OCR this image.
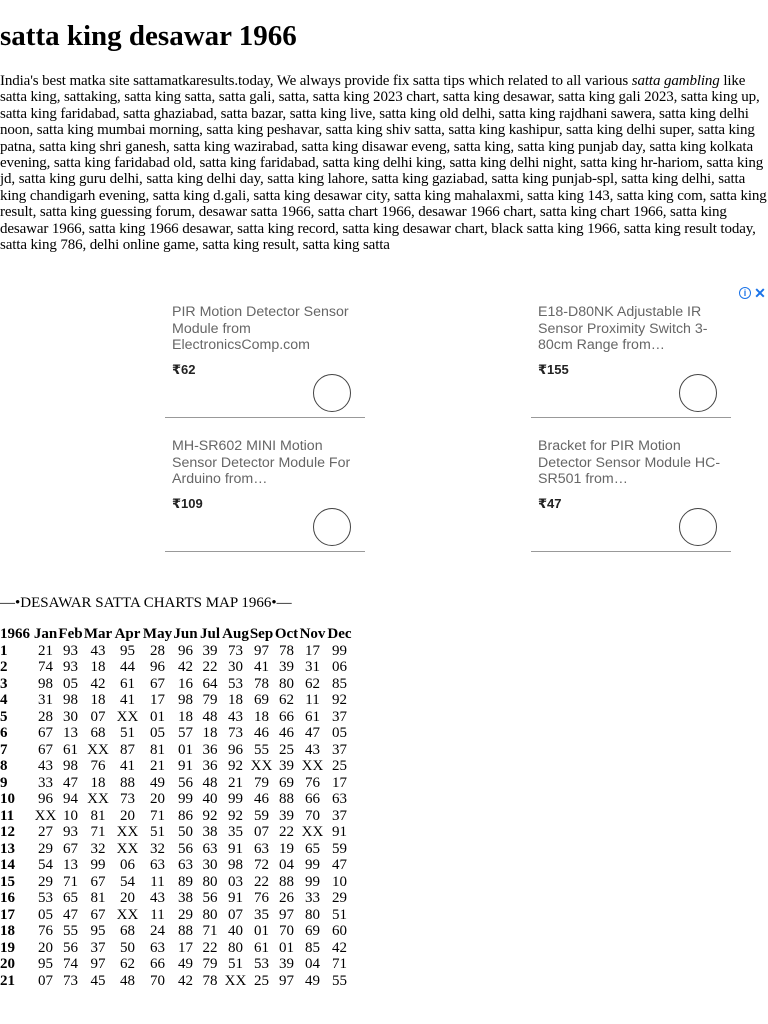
satta king desawar 1966

India's best matka site sattamatkaresults.today, We always provide fix satta tips which related to all various satta gambling like satta king, sattaking, satta king satta, satta gali, satta, satta king 2023 chart, satta king desawar, satta king gali 2023, satta king up, satta king faridabad, satta ghaziabad, satta bazar, satta king live, satta king old delhi, satta king rajdhani sawera, satta king delhi noon, satta king mumbai morning, satta king peshavar, satta king shiv satta, satta king kashipur, satta king delhi super, satta king patna, satta king shri ganesh, satta king wazirabad, satta king disawar eveng, satta king, satta king punjab day, satta king kolkata evening, satta king faridabad old, satta king faridabad, satta king delhi king, satta king delhi night, satta king hr-hariom, satta king jd, satta king guru delhi, satta king delhi day, satta king lahore, satta king gaziabad, satta king punjab-spl, satta king delhi, satta king chandigarh evening, satta king d.gali, satta king desawar city, satta king mahalaxmi, satta king 143, satta king com, satta king result, satta king guessing forum, desawar satta 1966, satta chart 1966, desawar 1966 chart, satta king chart 1966, satta king desawar 1966, satta king 1966 desawar, satta king record, satta king desawar chart, black satta king 1966, satta king result today, satta king 786, delhi online game, satta king result, satta king satta

i ✕
PIR Motion Detector Sensor Module from ElectronicsComp.com
₹62
E18-D80NK Adjustable IR Sensor Proximity Switch 3-80cm Range from…
₹155
MH-SR602 MINI Motion Sensor Detector Module For Arduino from…
₹109
Bracket for PIR Motion Detector Sensor Module HC-SR501 from…
₹47
—•DESAWAR SATTA CHARTS MAP 1966•—
1966	Jan	Feb	Mar	Apr	May	Jun	Jul	Aug	Sep	Oct	Nov	Dec
1	21	93	43	95	28	96	39	73	97	78	17	99
2	74	93	18	44	96	42	22	30	41	39	31	06
3	98	05	42	61	67	16	64	53	78	80	62	85
4	31	98	18	41	17	98	79	18	69	62	11	92
5	28	30	07	XX	01	18	48	43	18	66	61	37
6	67	13	68	51	05	57	18	73	46	46	47	05
7	67	61	XX	87	81	01	36	96	55	25	43	37
8	43	98	76	41	21	91	36	92	XX	39	XX	25
9	33	47	18	88	49	56	48	21	79	69	76	17
10	96	94	XX	73	20	99	40	99	46	88	66	63
11	XX	10	81	20	71	86	92	92	59	39	70	37
12	27	93	71	XX	51	50	38	35	07	22	XX	91
13	29	67	32	XX	32	56	63	91	63	19	65	59
14	54	13	99	06	63	63	30	98	72	04	99	47
15	29	71	67	54	11	89	80	03	22	88	99	10
16	53	65	81	20	43	38	56	91	76	26	33	29
17	05	47	67	XX	11	29	80	07	35	97	80	51
18	76	55	95	68	24	88	71	40	01	70	69	60
19	20	56	37	50	63	17	22	80	61	01	85	42
20	95	74	97	62	66	49	79	51	53	39	04	71
21	07	73	45	48	70	42	78	XX	25	97	49	55
